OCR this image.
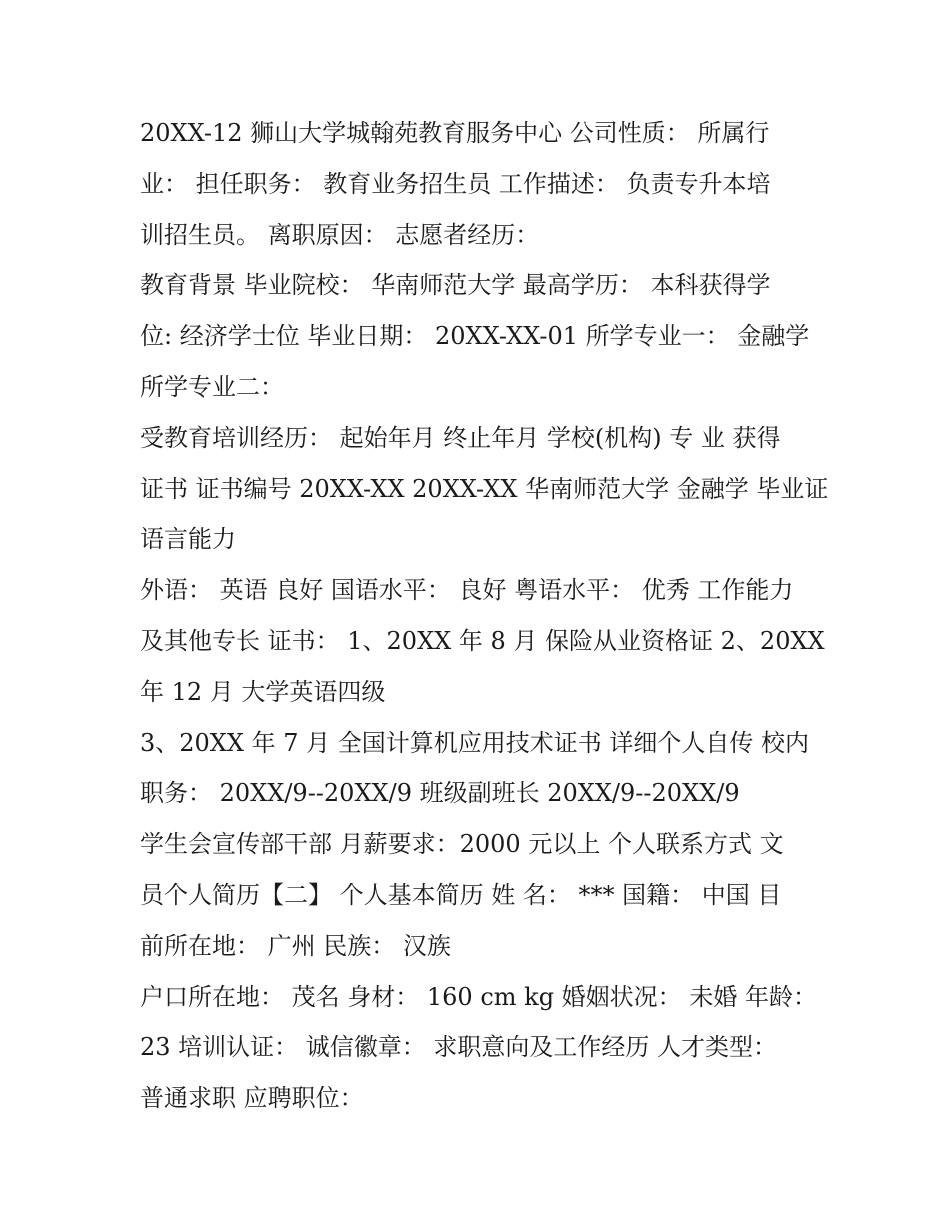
20XX-12 狮山大学城翰苑教育服务中心 公司性质： 所属行
业： 担任职务： 教育业务招生员 工作描述： 负责专升本培
训招生员。 离职原因： 志愿者经历：
教育背景 毕业院校： 华南师范大学 最高学历： 本科获得学
位: 经济学士位 毕业日期： 20XX-XX-01 所学专业一： 金融学
所学专业二：
受教育培训经历： 起始年月 终止年月 学校(机构) 专 业 获得
证书 证书编号 20XX-XX 20XX-XX 华南师范大学 金融学 毕业证
语言能力
外语： 英语 良好 国语水平： 良好 粤语水平： 优秀 工作能力
及其他专长 证书： 1、20XX 年 8 月 保险从业资格证 2、20XX
年 12 月 大学英语四级
3、20XX 年 7 月 全国计算机应用技术证书 详细个人自传 校内
职务： 20XX/9--20XX/9 班级副班长 20XX/9--20XX/9
学生会宣传部干部 月薪要求：2000 元以上 个人联系方式 文
员个人简历【二】 个人基本简历 姓 名： *** 国籍： 中国 目
前所在地： 广州 民族： 汉族
户口所在地： 茂名 身材： 160 cm kg 婚姻状况： 未婚 年龄：
23 培训认证： 诚信徽章： 求职意向及工作经历 人才类型：
普通求职 应聘职位：
